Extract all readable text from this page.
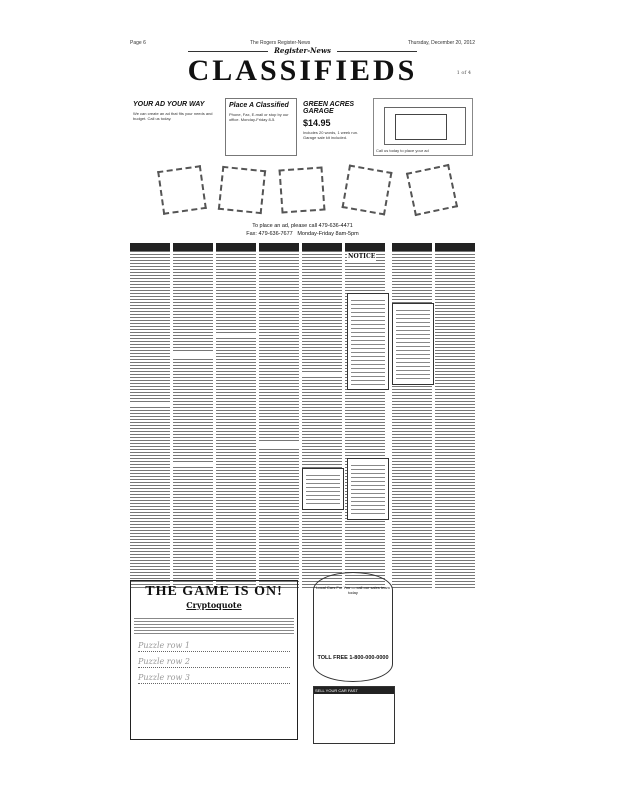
Page 6	The Rogers Register-News	Thursday, December 20, 2012
Register-News
CLASSIFIEDS	1 of 4
YOUR AD YOUR WAY
We can create an ad that fits your needs and budget. Call us today.
Place A Classified
Phone, Fax, E-mail or stop by our office. Monday-Friday 8-5.
GREEN ACRES GARAGE
$14.95
Includes 20 words, 1 week run. Garage sale kit included.
Call us today to place your ad
To place an ad, please call 479-636-4471
Fax: 479-636-7677 Monday-Friday 8am-5pm
NOTICE
THE GAME IS ON!
Cryptoquote
Puzzle row 1
Puzzle row 2
Puzzle row 3
Local Cars For You — call our sales team today
TOLL FREE 1-800-000-0000
SELL YOUR CAR FAST
